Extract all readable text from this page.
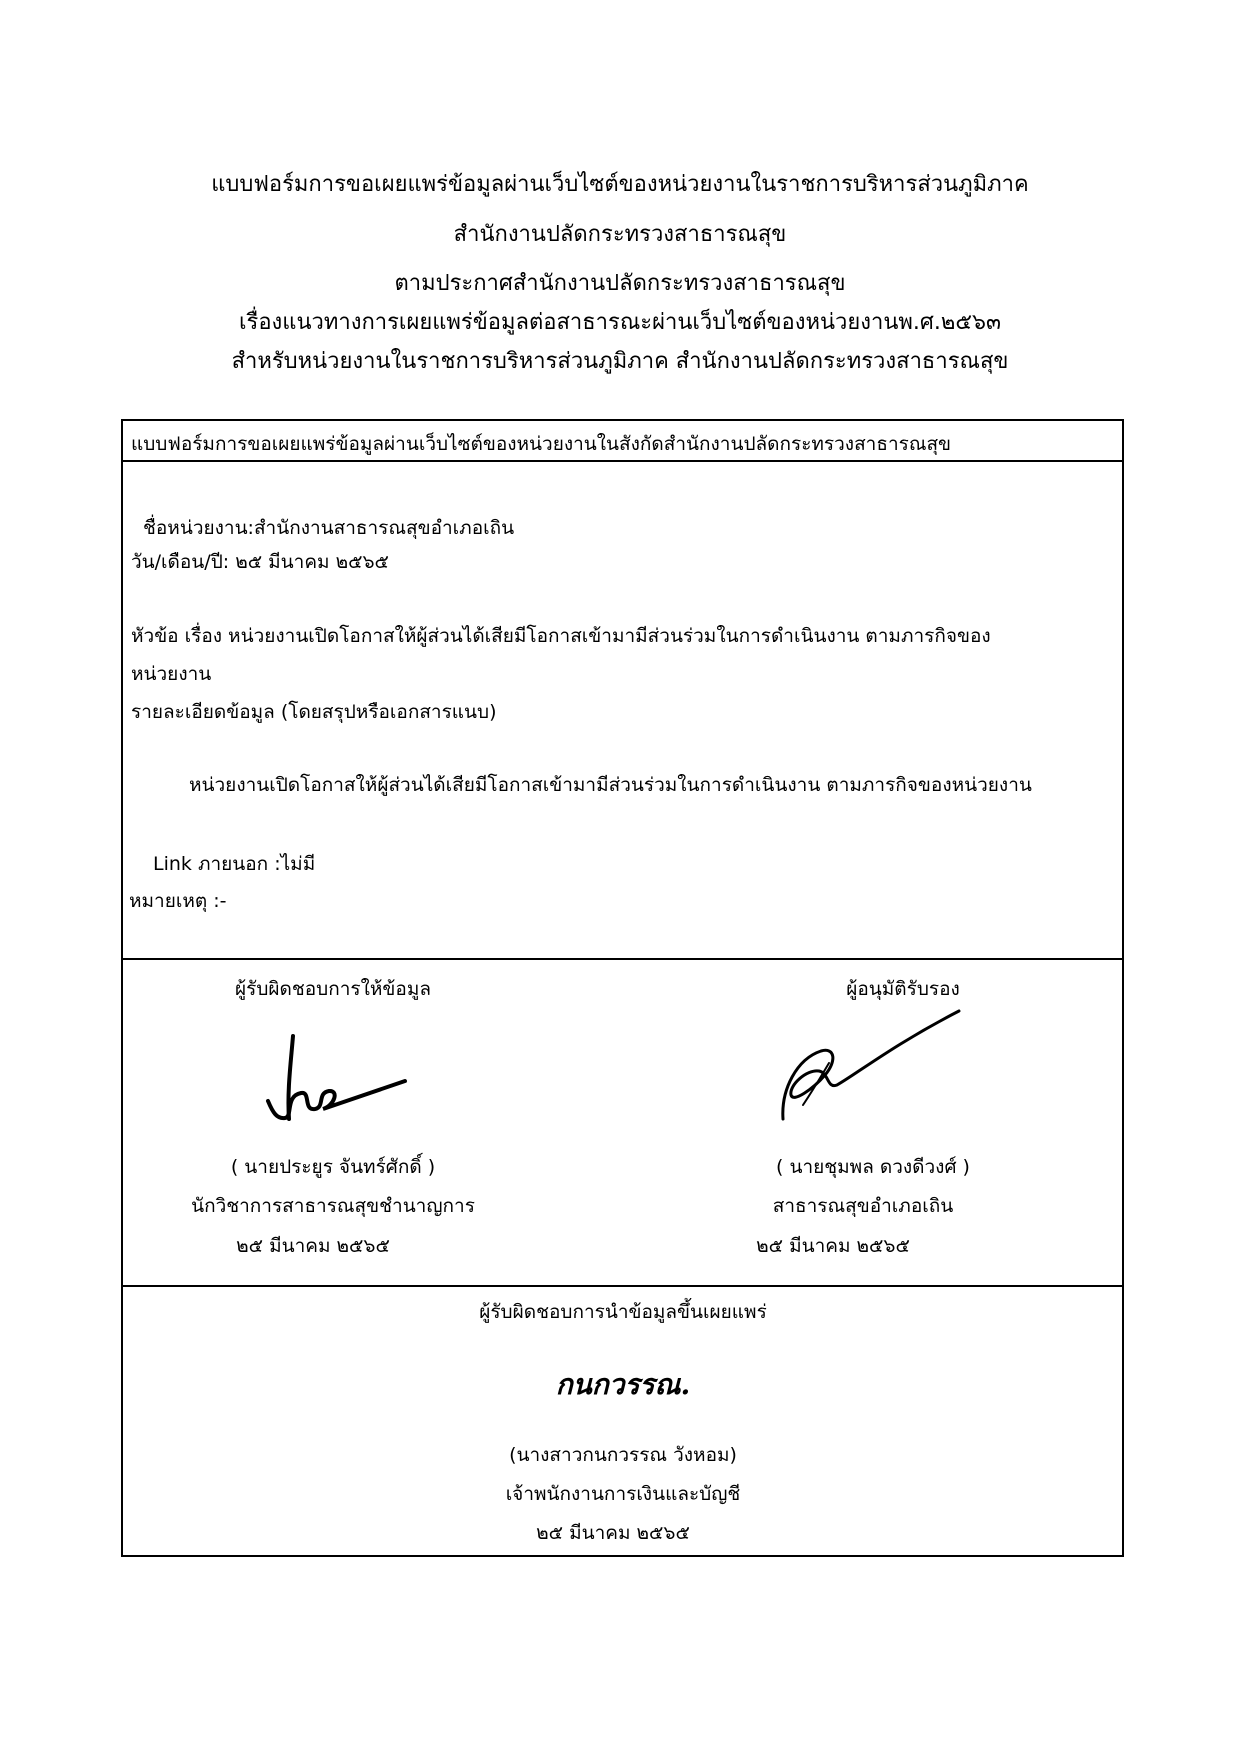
แบบฟอร์มการขอเผยแพร่ข้อมูลผ่านเว็บไซต์ของหน่วยงานในราชการบริหารส่วนภูมิภาค
สำนักงานปลัดกระทรวงสาธารณสุข
ตามประกาศสำนักงานปลัดกระทรวงสาธารณสุข
เรื่องแนวทางการเผยแพร่ข้อมูลต่อสาธารณะผ่านเว็บไซต์ของหน่วยงานพ.ศ.๒๕๖๓
สำหรับหน่วยงานในราชการบริหารส่วนภูมิภาค สำนักงานปลัดกระทรวงสาธารณสุข
แบบฟอร์มการขอเผยแพร่ข้อมูลผ่านเว็บไซต์ของหน่วยงานในสังกัดสำนักงานปลัดกระทรวงสาธารณสุข
ชื่อหน่วยงาน:สำนักงานสาธารณสุขอำเภอเถิน
วัน/เดือน/ปี: ๒๕ มีนาคม ๒๕๖๕
หัวข้อ เรื่อง หน่วยงานเปิดโอกาสให้ผู้ส่วนได้เสียมีโอกาสเข้ามามีส่วนร่วมในการดำเนินงาน ตามภารกิจของ
หน่วยงาน
รายละเอียดข้อมูล (โดยสรุปหรือเอกสารแนบ)
หน่วยงานเปิดโอกาสให้ผู้ส่วนได้เสียมีโอกาสเข้ามามีส่วนร่วมในการดำเนินงาน ตามภารกิจของหน่วยงาน
Link ภายนอก :ไม่มี
หมายเหตุ :-
ผู้รับผิดชอบการให้ข้อมูล
( นายประยูร จันทร์ศักดิ์ )
นักวิชาการสาธารณสุขชำนาญการ
๒๕ มีนาคม ๒๕๖๕
ผู้อนุมัติรับรอง
( นายชุมพล ดวงดีวงศ์ )
สาธารณสุขอำเภอเถิน
๒๕ มีนาคม ๒๕๖๕
ผู้รับผิดชอบการนำข้อมูลขึ้นเผยแพร่
กนกวรรณ.
(นางสาวกนกวรรณ วังหอม)
เจ้าพนักงานการเงินและบัญชี
๒๕ มีนาคม ๒๕๖๕
